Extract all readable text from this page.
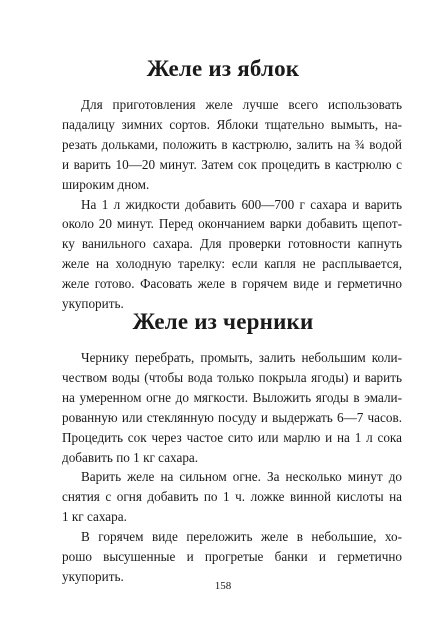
Желе из яблок
Для приготовления желе лучше всего использовать
падалицу зимних сортов. Яблоки тщательно вымыть, на-
резать дольками, положить в кастрюлю, залить на ¾ водой
и варить 10—20 минут. Затем сок процедить в кастрюлю с
широким дном.
На 1 л жидкости добавить 600—700 г сахара и варить
около 20 минут. Перед окончанием варки добавить щепот-
ку ванильного сахара. Для проверки готовности капнуть
желе на холодную тарелку: если капля не расплывается,
желе готово. Фасовать желе в горячем виде и герметично
укупорить.
Желе из черники
Чернику перебрать, промыть, залить небольшим коли-
чеством воды (чтобы вода только покрыла ягоды) и варить
на умеренном огне до мягкости. Выложить ягоды в эмали-
рованную или стеклянную посуду и выдержать 6—7 часов.
Процедить сок через частое сито или марлю и на 1 л сока
добавить по 1 кг сахара.
Варить желе на сильном огне. За несколько минут до
снятия с огня добавить по 1 ч. ложке винной кислоты на
1 кг сахара.
В горячем виде переложить желе в небольшие, хо-
рошо высушенные и прогретые банки и герметично
укупорить.
158
